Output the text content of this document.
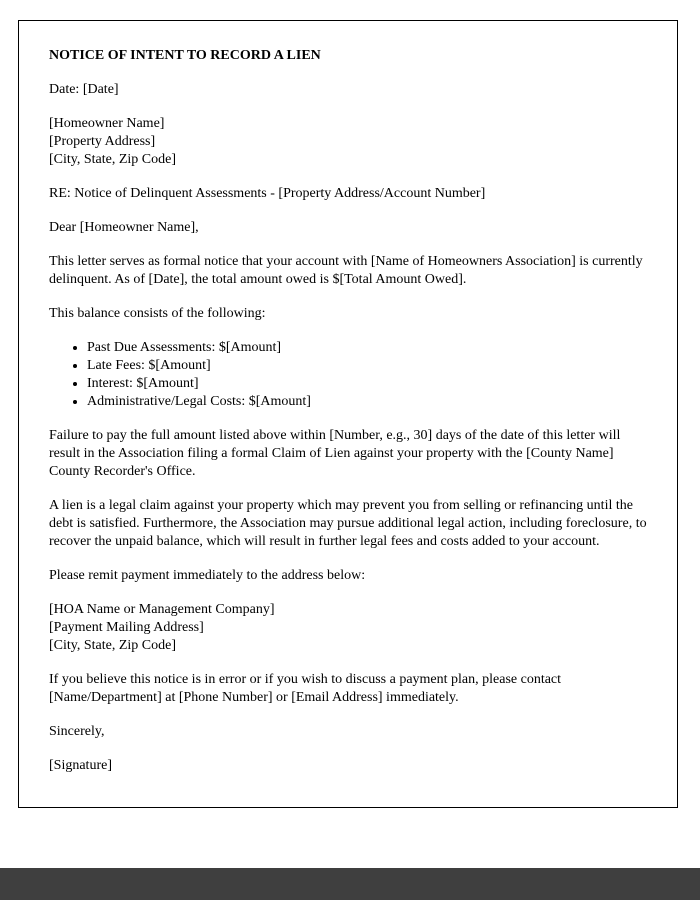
NOTICE OF INTENT TO RECORD A LIEN

Date: [Date]

[Homeowner Name]
[Property Address]
[City, State, Zip Code]

RE: Notice of Delinquent Assessments - [Property Address/Account Number]

Dear [Homeowner Name],

This letter serves as formal notice that your account with [Name of Homeowners Association] is currently delinquent. As of [Date], the total amount owed is $[Total Amount Owed].

This balance consists of the following:

• Past Due Assessments: $[Amount]
• Late Fees: $[Amount]
• Interest: $[Amount]
• Administrative/Legal Costs: $[Amount]

Failure to pay the full amount listed above within [Number, e.g., 30] days of the date of this letter will result in the Association filing a formal Claim of Lien against your property with the [County Name] County Recorder's Office.

A lien is a legal claim against your property which may prevent you from selling or refinancing until the debt is satisfied. Furthermore, the Association may pursue additional legal action, including foreclosure, to recover the unpaid balance, which will result in further legal fees and costs added to your account.

Please remit payment immediately to the address below:

[HOA Name or Management Company]
[Payment Mailing Address]
[City, State, Zip Code]

If you believe this notice is in error or if you wish to discuss a payment plan, please contact [Name/Department] at [Phone Number] or [Email Address] immediately.

Sincerely,

[Signature]
